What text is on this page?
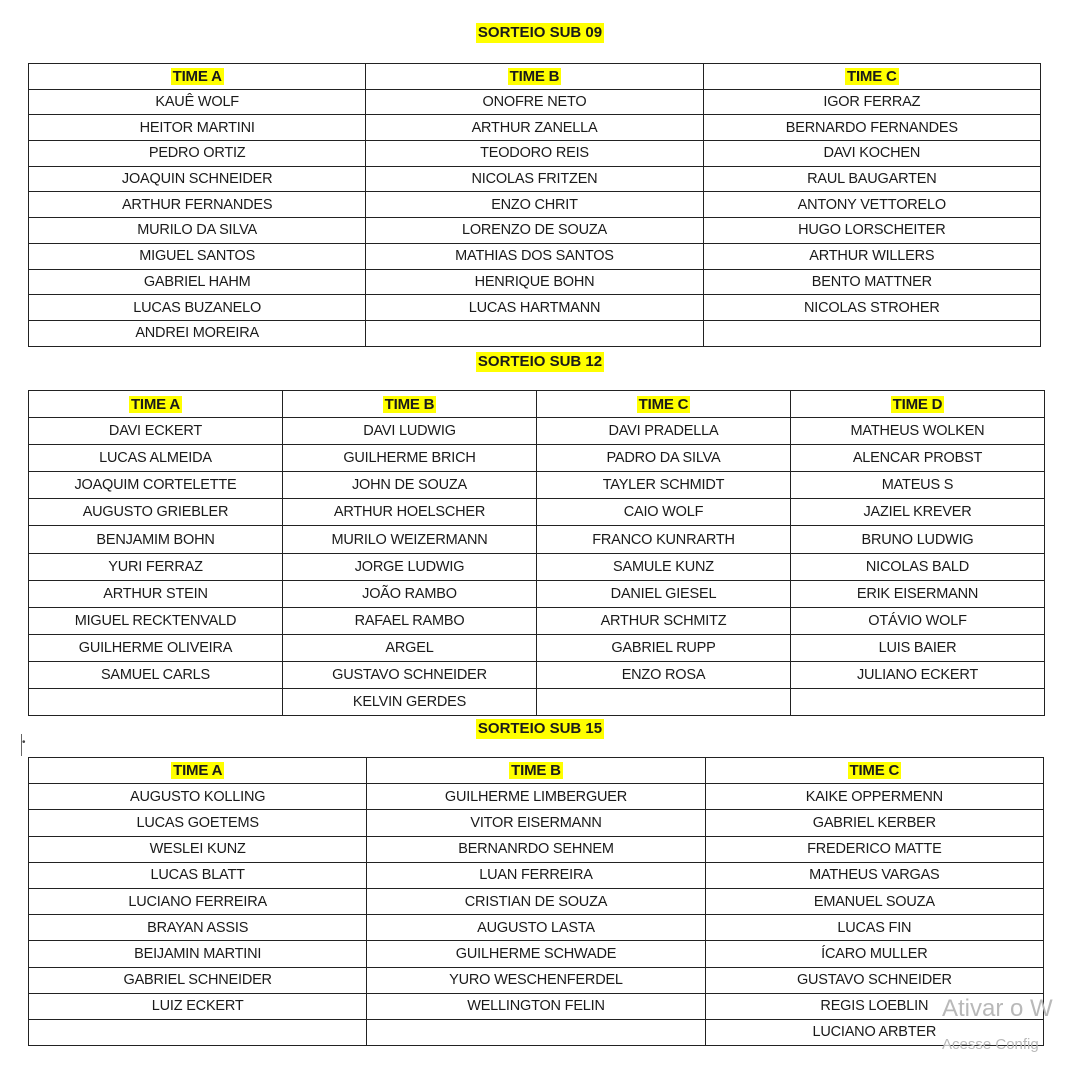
SORTEIO SUB 09
TIME A	TIME B	TIME C
KAUÊ WOLF	ONOFRE NETO	IGOR FERRAZ
HEITOR MARTINI	ARTHUR ZANELLA	BERNARDO FERNANDES
PEDRO ORTIZ	TEODORO REIS	DAVI KOCHEN
JOAQUIN SCHNEIDER	NICOLAS FRITZEN	RAUL BAUGARTEN
ARTHUR FERNANDES	ENZO CHRIT	ANTONY VETTORELO
MURILO DA SILVA	LORENZO DE SOUZA	HUGO LORSCHEITER
MIGUEL SANTOS	MATHIAS DOS SANTOS	ARTHUR WILLERS
GABRIEL HAHM	HENRIQUE BOHN	BENTO MATTNER
LUCAS BUZANELO	LUCAS HARTMANN	NICOLAS STROHER
ANDREI MOREIRA		
SORTEIO SUB 12
TIME A	TIME B	TIME C	TIME D
DAVI ECKERT	DAVI LUDWIG	DAVI PRADELLA	MATHEUS WOLKEN
LUCAS ALMEIDA	GUILHERME BRICH	PADRO DA SILVA	ALENCAR PROBST
JOAQUIM CORTELETTE	JOHN DE SOUZA	TAYLER SCHMIDT	MATEUS S
AUGUSTO GRIEBLER	ARTHUR HOELSCHER	CAIO WOLF	JAZIEL KREVER
BENJAMIM BOHN	MURILO WEIZERMANN	FRANCO KUNRARTH	BRUNO LUDWIG
YURI FERRAZ	JORGE LUDWIG	SAMULE KUNZ	NICOLAS BALD
ARTHUR STEIN	JOÃO RAMBO	DANIEL GIESEL	ERIK EISERMANN
MIGUEL RECKTENVALD	RAFAEL RAMBO	ARTHUR SCHMITZ	OTÁVIO WOLF
GUILHERME OLIVEIRA	ARGEL	GABRIEL RUPP	LUIS BAIER
SAMUEL CARLS	GUSTAVO SCHNEIDER	ENZO ROSA	JULIANO ECKERT
	KELVIN GERDES		
•
SORTEIO SUB 15
TIME A	TIME B	TIME C
AUGUSTO KOLLING	GUILHERME LIMBERGUER	KAIKE OPPERMENN
LUCAS GOETEMS	VITOR EISERMANN	GABRIEL KERBER
WESLEI KUNZ	BERNANRDO SEHNEM	FREDERICO MATTE
LUCAS BLATT	LUAN FERREIRA	MATHEUS VARGAS
LUCIANO FERREIRA	CRISTIAN DE SOUZA	EMANUEL SOUZA
BRAYAN ASSIS	AUGUSTO LASTA	LUCAS FIN
BEIJAMIN MARTINI	GUILHERME SCHWADE	ÍCARO MULLER
GABRIEL SCHNEIDER	YURO WESCHENFERDEL	GUSTAVO SCHNEIDER
LUIZ ECKERT	WELLINGTON FELIN	REGIS LOEBLIN
		LUCIANO ARBTER
Ativar o W
Acesse Config
